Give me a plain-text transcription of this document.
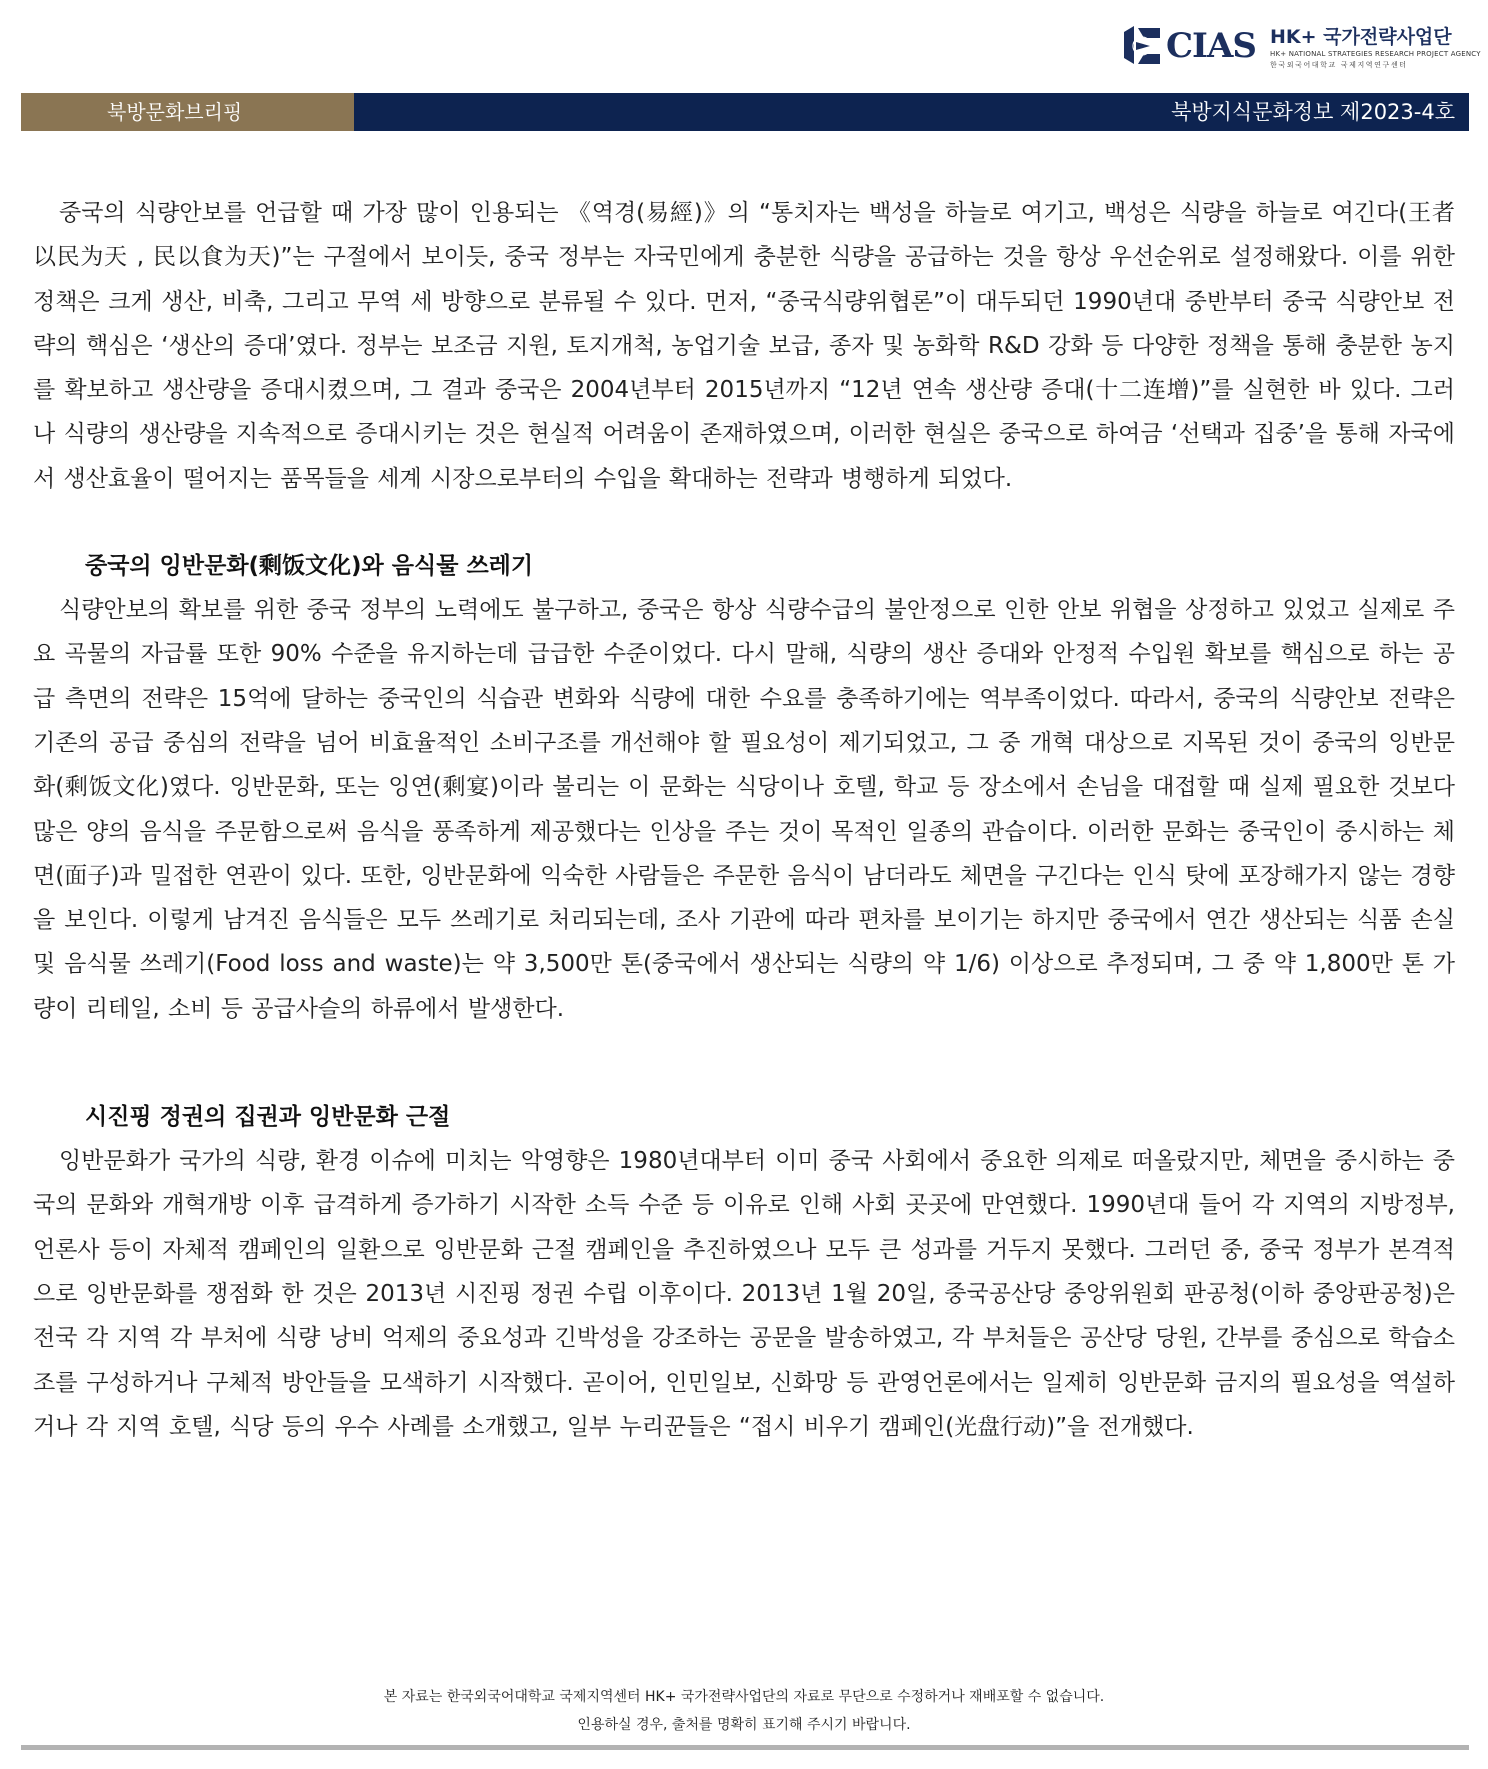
CIAS HK+ 국가전략사업단
HK+ NATIONAL STRATEGIES RESEARCH PROJECT AGENCY
한국외국어대학교 국제지역연구센터
북방문화브리핑	북방지식문화정보 제2023-4호

중국의 식량안보를 언급할 때 가장 많이 인용되는 《역경(易經)》의 “통치자는 백성을 하늘로 여기고, 백성은 식량을 하늘로 여긴다(王者以民为天 , 民以食为天)”는 구절에서 보이듯, 중국 정부는 자국민에게 충분한 식량을 공급하는 것을 항상 우선순위로 설정해왔다. 이를 위한 정책은 크게 생산, 비축, 그리고 무역 세 방향으로 분류될 수 있다. 먼저, “중국식량위협론”이 대두되던 1990년대 중반부터 중국 식량안보 전략의 핵심은 ‘생산의 증대’였다. 정부는 보조금 지원, 토지개척, 농업기술 보급, 종자 및 농화학 R&D 강화 등 다양한 정책을 통해 충분한 농지를 확보하고 생산량을 증대시켰으며, 그 결과 중국은 2004년부터 2015년까지 “12년 연속 생산량 증대(十二连增)”를 실현한 바 있다. 그러나 식량의 생산량을 지속적으로 증대시키는 것은 현실적 어려움이 존재하였으며, 이러한 현실은 중국으로 하여금 ‘선택과 집중’을 통해 자국에서 생산효율이 떨어지는 품목들을 세계 시장으로부터의 수입을 확대하는 전략과 병행하게 되었다.

중국의 잉반문화(剩饭文化)와 음식물 쓰레기

식량안보의 확보를 위한 중국 정부의 노력에도 불구하고, 중국은 항상 식량수급의 불안정으로 인한 안보 위협을 상정하고 있었고 실제로 주요 곡물의 자급률 또한 90% 수준을 유지하는데 급급한 수준이었다. 다시 말해, 식량의 생산 증대와 안정적 수입원 확보를 핵심으로 하는 공급 측면의 전략은 15억에 달하는 중국인의 식습관 변화와 식량에 대한 수요를 충족하기에는 역부족이었다. 따라서, 중국의 식량안보 전략은 기존의 공급 중심의 전략을 넘어 비효율적인 소비구조를 개선해야 할 필요성이 제기되었고, 그 중 개혁 대상으로 지목된 것이 중국의 잉반문화(剩饭文化)였다. 잉반문화, 또는 잉연(剩宴)이라 불리는 이 문화는 식당이나 호텔, 학교 등 장소에서 손님을 대접할 때 실제 필요한 것보다 많은 양의 음식을 주문함으로써 음식을 풍족하게 제공했다는 인상을 주는 것이 목적인 일종의 관습이다. 이러한 문화는 중국인이 중시하는 체면(面子)과 밀접한 연관이 있다. 또한, 잉반문화에 익숙한 사람들은 주문한 음식이 남더라도 체면을 구긴다는 인식 탓에 포장해가지 않는 경향을 보인다. 이렇게 남겨진 음식들은 모두 쓰레기로 처리되는데, 조사 기관에 따라 편차를 보이기는 하지만 중국에서 연간 생산되는 식품 손실 및 음식물 쓰레기(Food loss and waste)는 약 3,500만 톤(중국에서 생산되는 식량의 약 1/6) 이상으로 추정되며, 그 중 약 1,800만 톤 가량이 리테일, 소비 등 공급사슬의 하류에서 발생한다.

시진핑 정권의 집권과 잉반문화 근절

잉반문화가 국가의 식량, 환경 이슈에 미치는 악영향은 1980년대부터 이미 중국 사회에서 중요한 의제로 떠올랐지만, 체면을 중시하는 중국의 문화와 개혁개방 이후 급격하게 증가하기 시작한 소득 수준 등 이유로 인해 사회 곳곳에 만연했다. 1990년대 들어 각 지역의 지방정부, 언론사 등이 자체적 캠페인의 일환으로 잉반문화 근절 캠페인을 추진하였으나 모두 큰 성과를 거두지 못했다. 그러던 중, 중국 정부가 본격적으로 잉반문화를 쟁점화 한 것은 2013년 시진핑 정권 수립 이후이다. 2013년 1월 20일, 중국공산당 중앙위원회 판공청(이하 중앙판공청)은 전국 각 지역 각 부처에 식량 낭비 억제의 중요성과 긴박성을 강조하는 공문을 발송하였고, 각 부처들은 공산당 당원, 간부를 중심으로 학습소조를 구성하거나 구체적 방안들을 모색하기 시작했다. 곧이어, 인민일보, 신화망 등 관영언론에서는 일제히 잉반문화 금지의 필요성을 역설하거나 각 지역 호텔, 식당 등의 우수 사례를 소개했고, 일부 누리꾼들은 “접시 비우기 캠페인(光盘行动)”을 전개했다.

본 자료는 한국외국어대학교 국제지역센터 HK+ 국가전략사업단의 자료로 무단으로 수정하거나 재배포할 수 없습니다.
인용하실 경우, 출처를 명확히 표기해 주시기 바랍니다.
